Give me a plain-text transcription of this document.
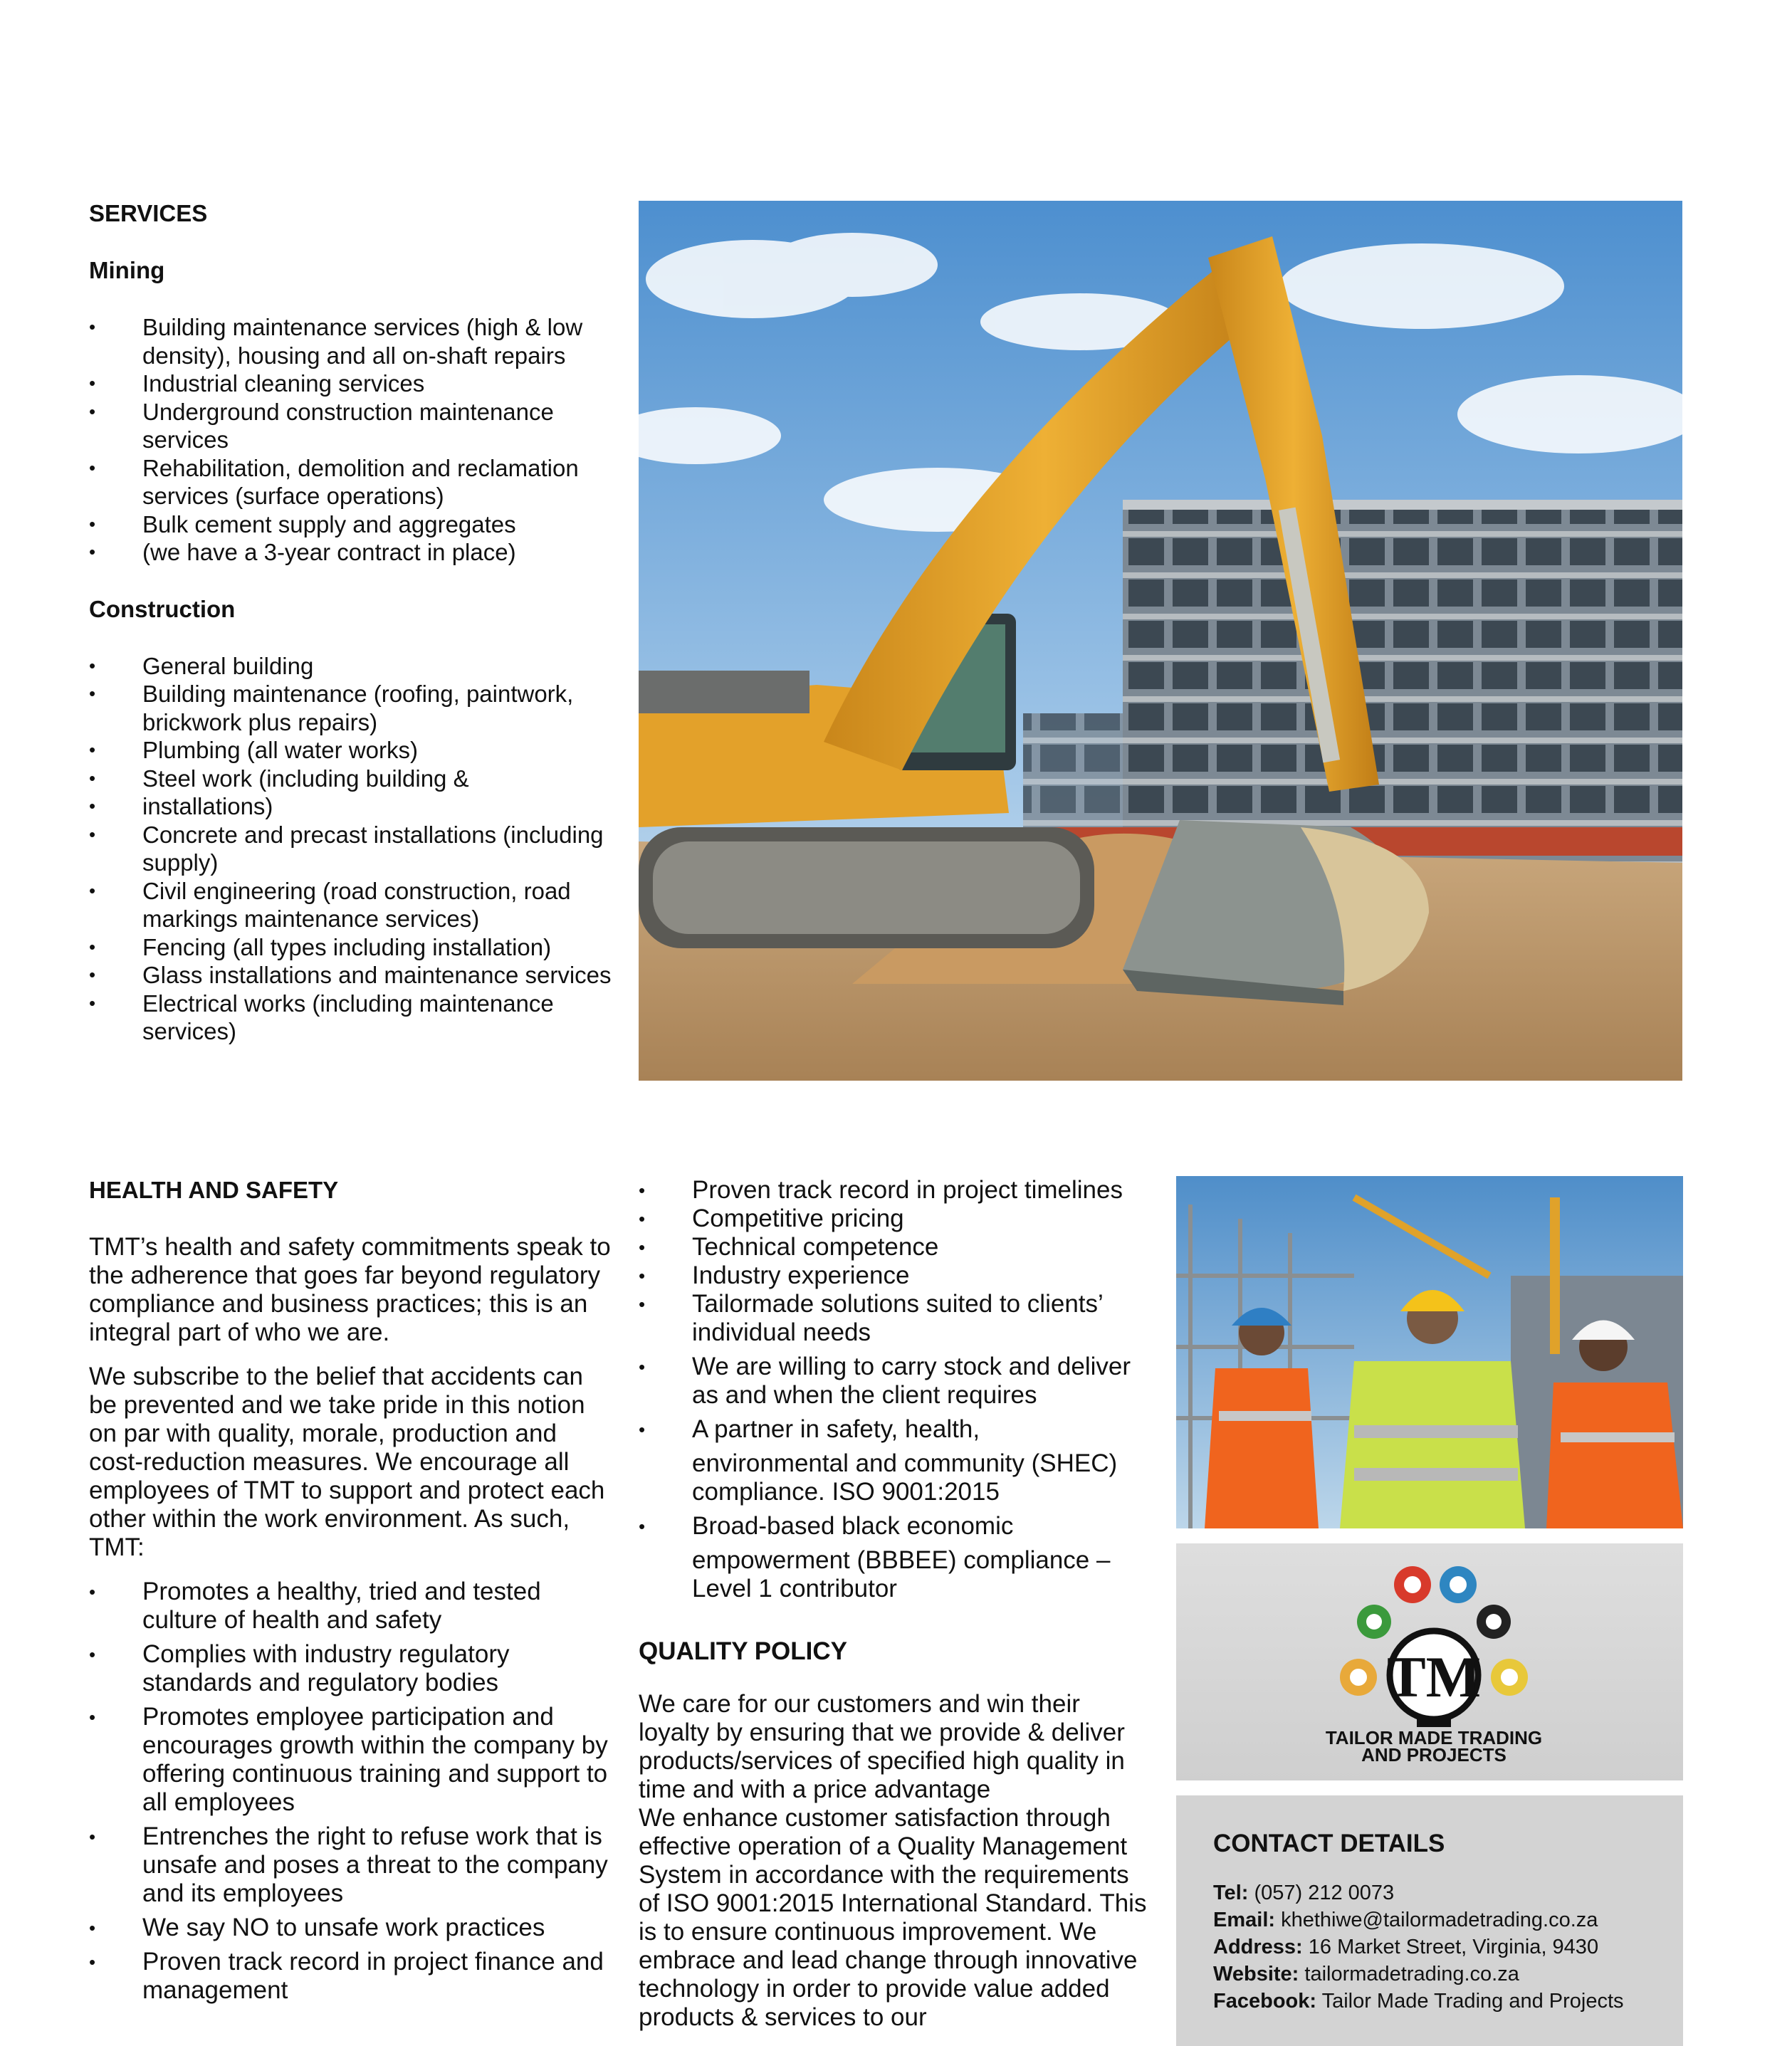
SERVICES

Mining

• Building maintenance services (high & low density), housing and all on-shaft repairs
• Industrial cleaning services
• Underground construction maintenance services
• Rehabilitation, demolition and reclamation services (surface operations)
• Bulk cement supply and aggregates
• (we have a 3-year contract in place)

Construction

• General building
• Building maintenance (roofing, paintwork, brickwork plus repairs)
• Plumbing (all water works)
• Steel work (including building &
• installations)
• Concrete and precast installations (including supply)
• Civil engineering (road construction, road markings maintenance services)
• Fencing (all types including installation)
• Glass installations and maintenance services
• Electrical works (including maintenance services)

HEALTH AND SAFETY

TMT’s health and safety commitments speak to the adherence that goes far beyond regulatory compliance and business practices; this is an integral part of who we are.

We subscribe to the belief that accidents can be prevented and we take pride in this notion on par with quality, morale, production and cost-reduction measures. We encourage all employees of TMT to support and protect each other within the work environment. As such, TMT:

• Promotes a healthy, tried and tested culture of health and safety
• Complies with industry regulatory standards and regulatory bodies
• Promotes employee participation and encourages growth within the company by offering continuous training and support to all employees
• Entrenches the right to refuse work that is unsafe and poses a threat to the company and its employees
• We say NO to unsafe work practices
• Proven track record in project finance and management
• Proven track record in project timelines
• Competitive pricing
• Technical competence
• Industry experience
• Tailormade solutions suited to clients’ individual needs
• We are willing to carry stock and deliver as and when the client requires
• A partner in safety, health,
environmental and community (SHEC) compliance. ISO 9001:2015
• Broad-based black economic
empowerment (BBBEE) compliance – Level 1 contributor

QUALITY POLICY

We care for our customers and win their loyalty by ensuring that we provide & deliver products/services of specified high quality in time and with a price advantage

We enhance customer satisfaction through effective operation of a Quality Management System in accordance with the requirements of ISO 9001:2015 International Standard. This is to ensure continuous improvement. We embrace and lead change through innovative technology in order to provide value added products & services to our

TM
TAILOR MADE TRADING
AND PROJECTS

CONTACT DETAILS

Tel: (057) 212 0073
Email: khethiwe@tailormadetrading.co.za
Address: 16 Market Street, Virginia, 9430
Website: tailormadetrading.co.za
Facebook: Tailor Made Trading and Projects
